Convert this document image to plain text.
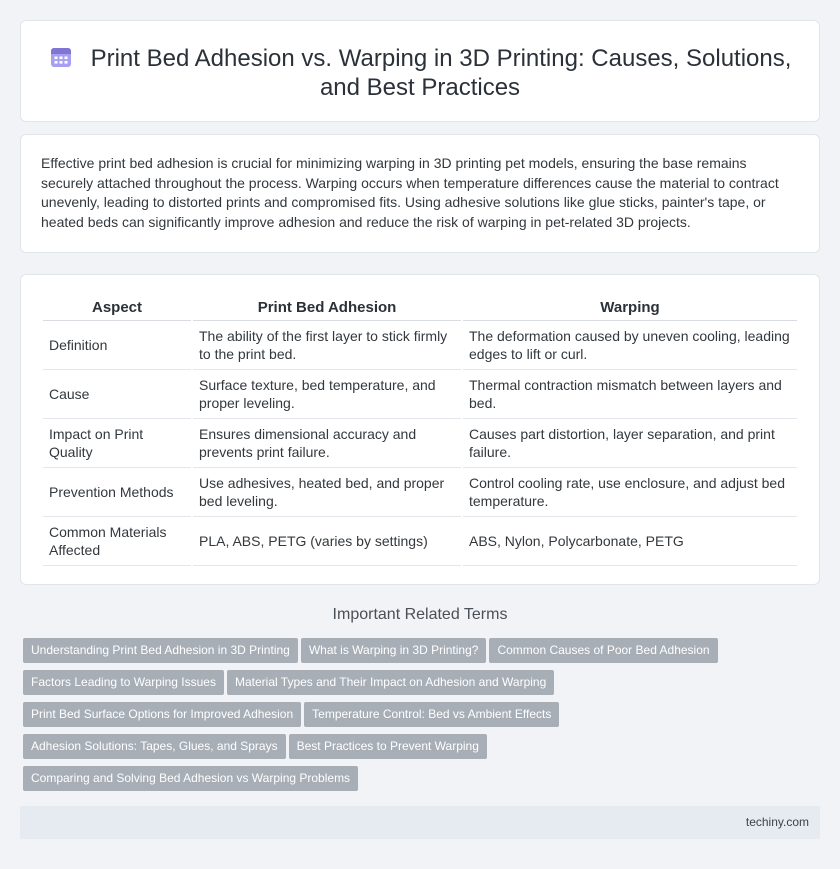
Print Bed Adhesion vs. Warping in 3D Printing: Causes, Solutions, and Best Practices
Effective print bed adhesion is crucial for minimizing warping in 3D printing pet models, ensuring the base remains securely attached throughout the process. Warping occurs when temperature differences cause the material to contract unevenly, leading to distorted prints and compromised fits. Using adhesive solutions like glue sticks, painter's tape, or heated beds can significantly improve adhesion and reduce the risk of warping in pet-related 3D projects.
Aspect	Print Bed Adhesion	Warping
Definition	The ability of the first layer to stick firmly to the print bed.	The deformation caused by uneven cooling, leading edges to lift or curl.
Cause	Surface texture, bed temperature, and proper leveling.	Thermal contraction mismatch between layers and bed.
Impact on Print Quality	Ensures dimensional accuracy and prevents print failure.	Causes part distortion, layer separation, and print failure.
Prevention Methods	Use adhesives, heated bed, and proper bed leveling.	Control cooling rate, use enclosure, and adjust bed temperature.
Common Materials Affected	PLA, ABS, PETG (varies by settings)	ABS, Nylon, Polycarbonate, PETG
Important Related Terms
Understanding Print Bed Adhesion in 3D Printing What is Warping in 3D Printing? Common Causes of Poor Bed Adhesion
Factors Leading to Warping Issues Material Types and Their Impact on Adhesion and Warping
Print Bed Surface Options for Improved Adhesion Temperature Control: Bed vs Ambient Effects
Adhesion Solutions: Tapes, Glues, and Sprays Best Practices to Prevent Warping
Comparing and Solving Bed Adhesion vs Warping Problems
techiny.com
